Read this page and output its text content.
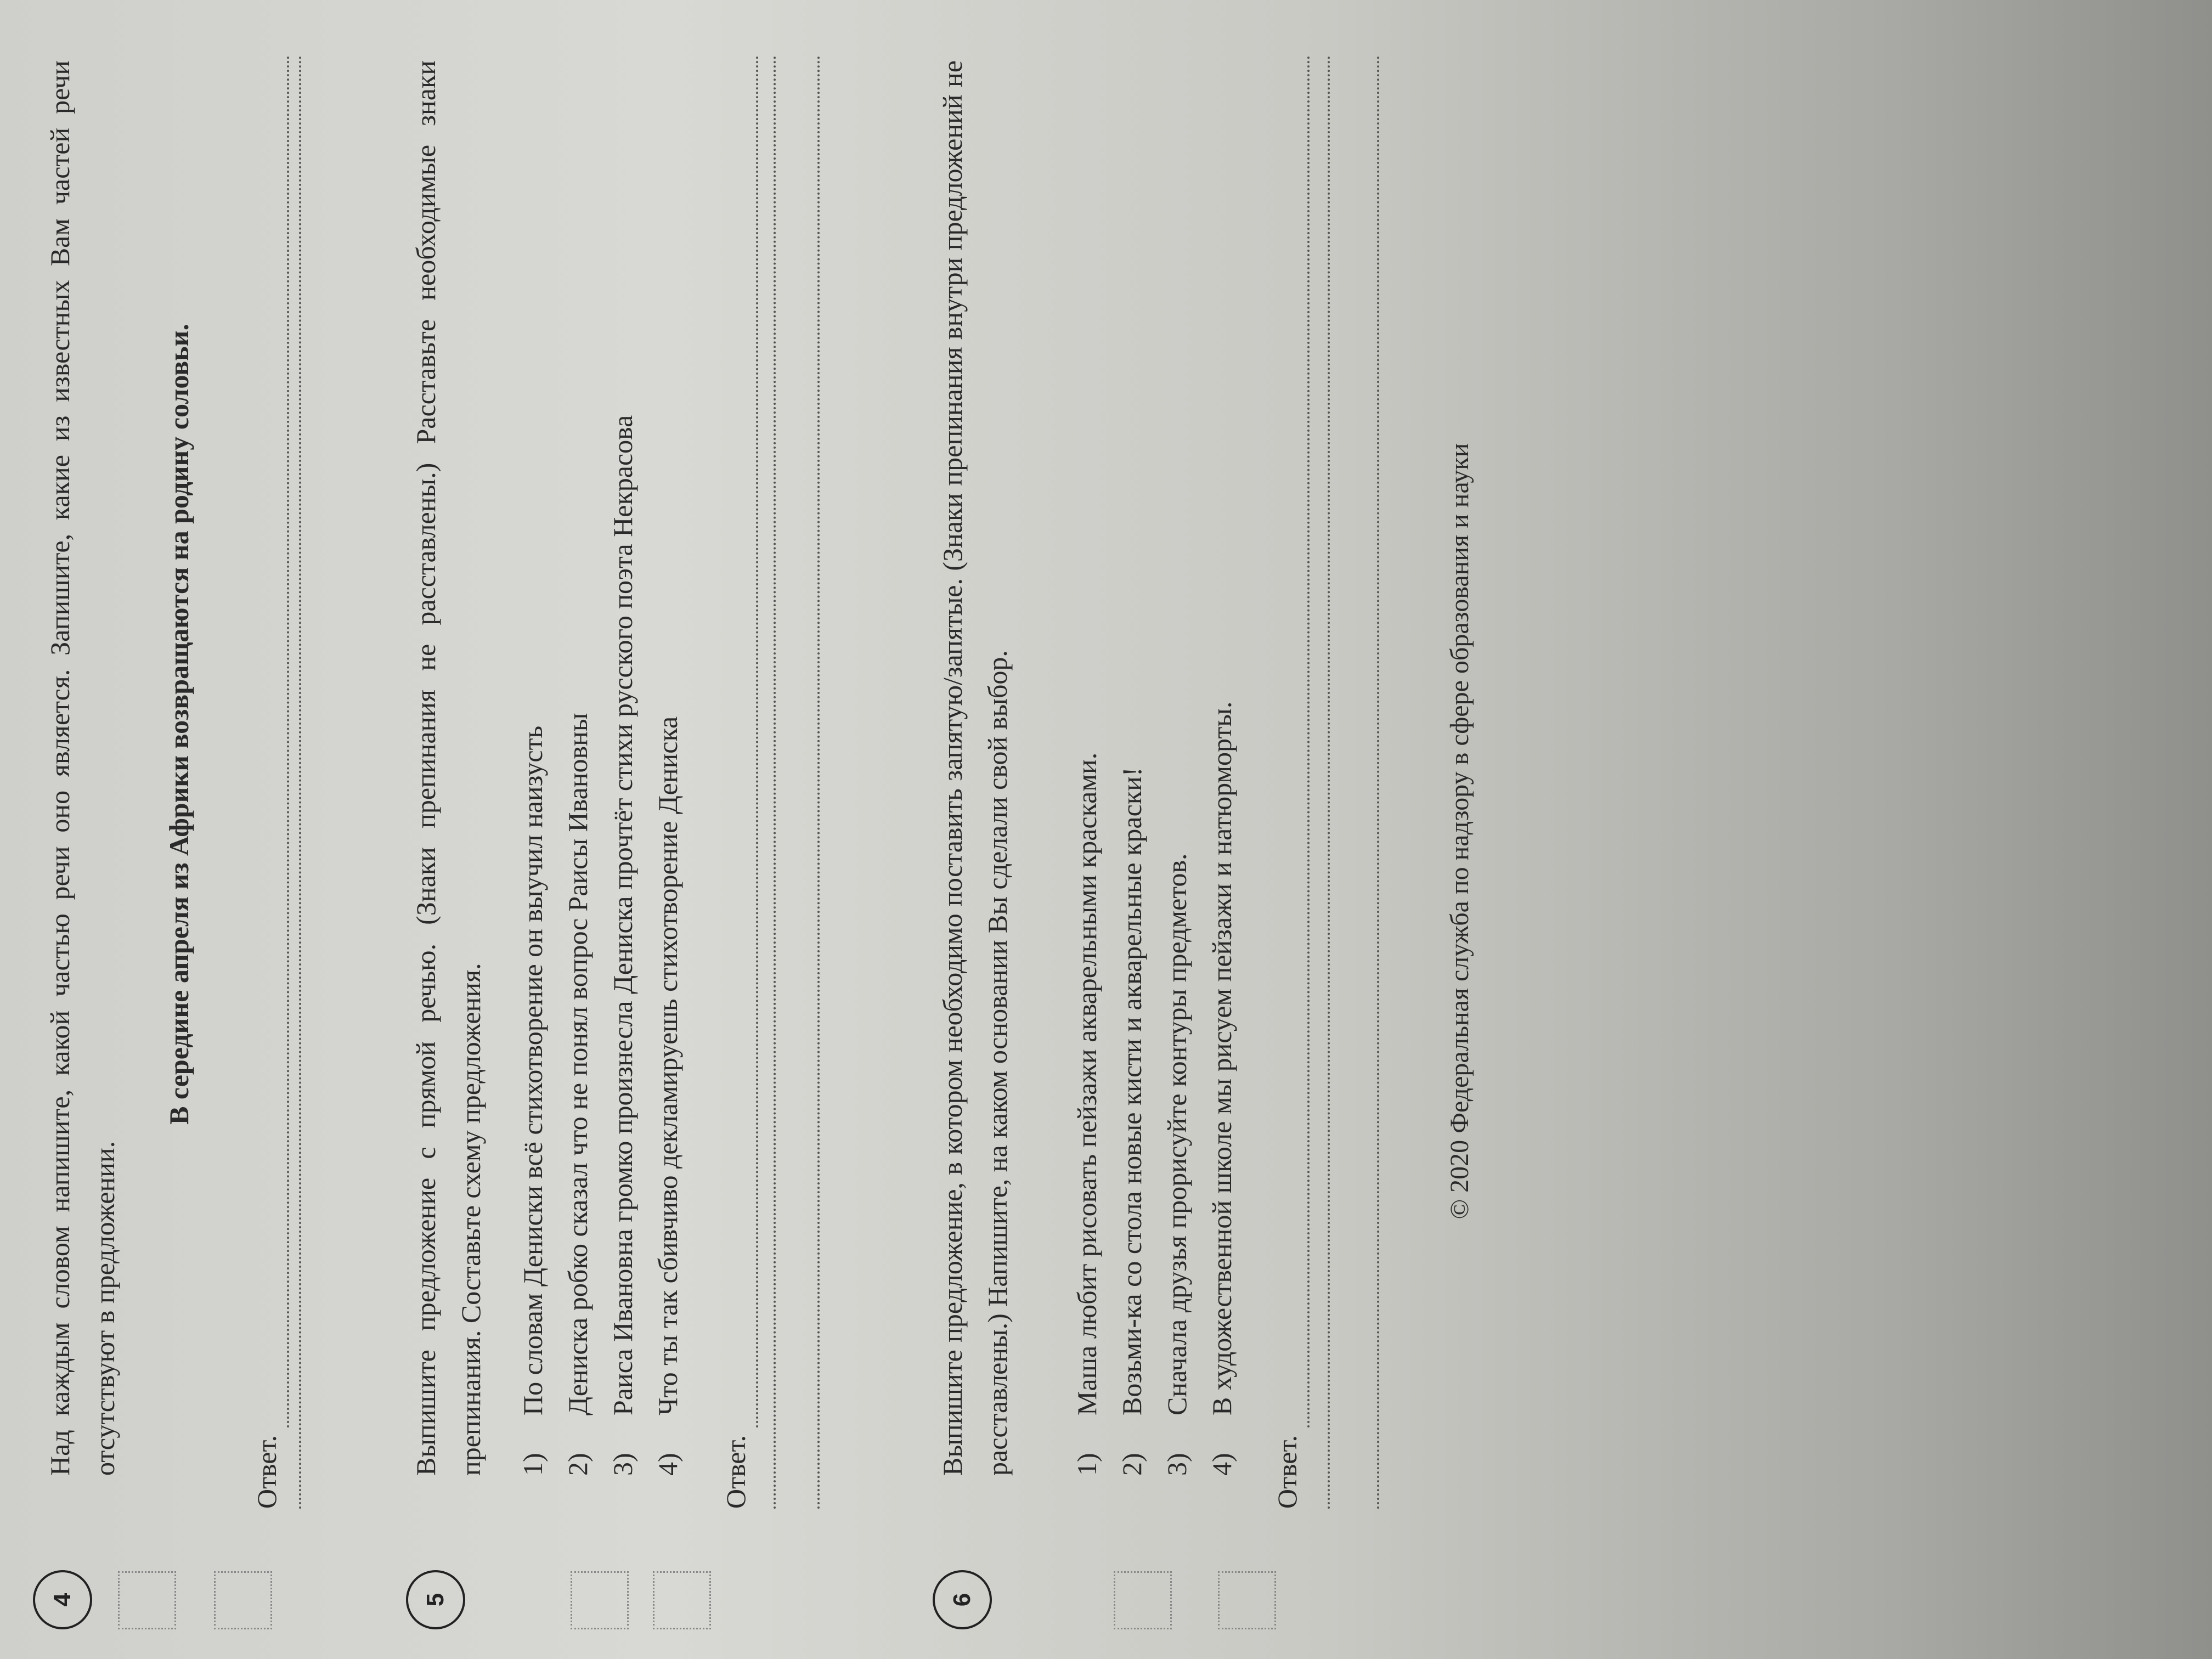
4
Над каждым словом напишите, какой частью речи оно является. Запишите, какие из известных Вам частей речи отсутствуют в предложении.
В середине апреля из Африки возвращаются на родину соловьи.
Ответ.
5
Выпишите предложение с прямой речью. (Знаки препинания не расставлены.) Расставьте необходимые знаки препинания. Составьте схему предложения. 1)По словам Дениски всё стихотворение он выучил наизусть
2)Дениска робко сказал что не понял вопрос Раисы Ивановны
3)Раиса Ивановна громко произнесла Дениска прочтёт стихи русского поэта Некрасова
4)Что ты так сбивчиво декламируешь стихотворение Дениска
Ответ.
6
Выпишите предложение, в котором необходимо поставить запятую/запятые. (Знаки препинания внутри предложений не расставлены.) Напишите, на каком основании Вы сделали свой выбор. 1)Маша любит рисовать пейзажи акварельными красками.
2)Возьми-ка со стола новые кисти и акварельные краски!
3)Сначала друзья прорисуйте контуры предметов.
4)В художественной школе мы рисуем пейзажи и натюрморты.
Ответ.
© 2020 Федеральная служба по надзору в сфере образования и науки
